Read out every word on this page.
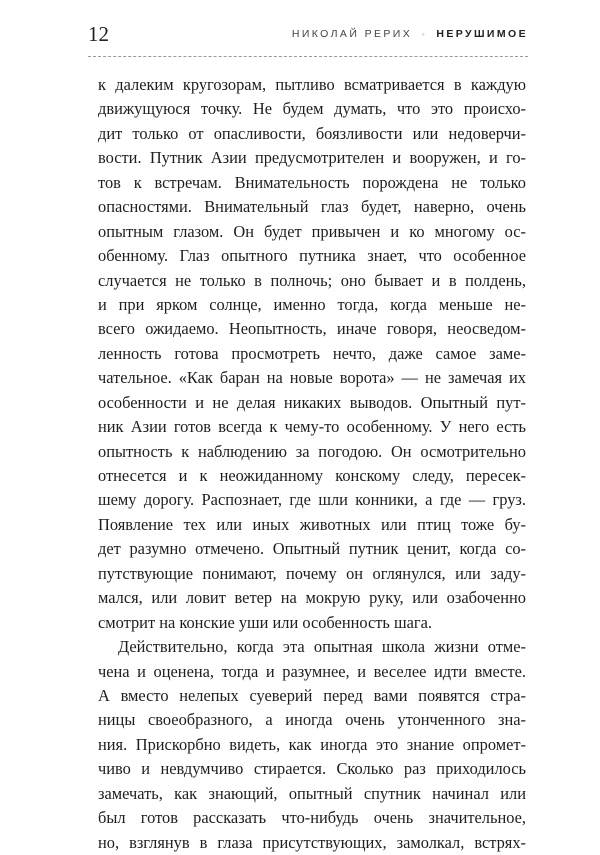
12	НИКОЛАЙ РЕРИХ ◦ НЕРУШИМОЕ

к далеким кругозорам, пытливо всматривается в каждую
движущуюся точку. Не будем думать, что это происхо-
дит только от опасливости, боязливости или недоверчи-
вости. Путник Азии предусмотрителен и вооружен, и го-
тов к встречам. Внимательность порождена не только
опасностями. Внимательный глаз будет, наверно, очень
опытным глазом. Он будет привычен и ко многому ос-
обенному. Глаз опытного путника знает, что особенное
случается не только в полночь; оно бывает и в полдень,
и при ярком солнце, именно тогда, когда меньше не-
всего ожидаемо. Неопытность, иначе говоря, неосведом-
ленность готова просмотреть нечто, даже самое заме-
чательное. «Как баран на новые ворота» — не замечая их
особенности и не делая никаких выводов. Опытный пут-
ник Азии готов всегда к чему-то особенному. У него есть
опытность к наблюдению за погодою. Он осмотрительно
отнесется и к неожиданному конскому следу, пересек-
шему дорогу. Распознает, где шли конники, а где — груз.
Появление тех или иных животных или птиц тоже бу-
дет разумно отмечено. Опытный путник ценит, когда со-
путствующие понимают, почему он оглянулся, или заду-
мался, или ловит ветер на мокрую руку, или озабоченно
смотрит на конские уши или особенность шага.

Действительно, когда эта опытная школа жизни отме-
чена и оценена, тогда и разумнее, и веселее идти вместе.
А вместо нелепых суеверий перед вами появятся стра-
ницы своеобразного, а иногда очень утонченного зна-
ния. Прискорбно видеть, как иногда это знание опромет-
чиво и невдумчиво стирается. Сколько раз приходилось
замечать, как знающий, опытный спутник начинал или
был готов рассказать что-нибудь очень значительное,
но, взглянув в глаза присутствующих, замолкал, встрях-
